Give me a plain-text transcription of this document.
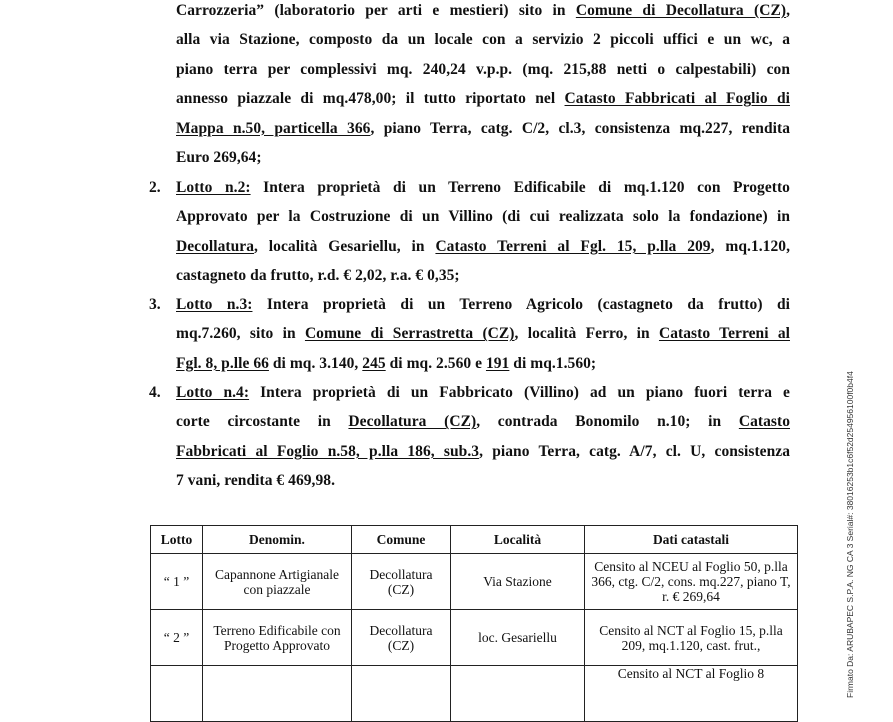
Carrozzeria” (laboratorio per arti e mestieri) sito in Comune di Decollatura (CZ),
alla via Stazione, composto da un locale con a servizio 2 piccoli uffici e un wc, a
piano terra per complessivi mq. 240,24 v.p.p. (mq. 215,88 netti o calpestabili) con
annesso piazzale di mq.478,00; il tutto riportato nel Catasto Fabbricati al Foglio di
Mappa n.50, particella 366, piano Terra, catg. C/2, cl.3, consistenza mq.227, rendita
Euro 269,64;
2. Lotto n.2: Intera proprietà di un Terreno Edificabile di mq.1.120 con Progetto
Approvato per la Costruzione di un Villino (di cui realizzata solo la fondazione) in
Decollatura, località Gesariellu, in Catasto Terreni al Fgl. 15, p.lla 209, mq.1.120,
castagneto da frutto, r.d. € 2,02, r.a. € 0,35;
3. Lotto n.3: Intera proprietà di un Terreno Agricolo (castagneto da frutto) di
mq.7.260, sito in Comune di Serrastretta (CZ), località Ferro, in Catasto Terreni al
Fgl. 8, p.lle 66 di mq. 3.140, 245 di mq. 2.560 e 191 di mq.1.560;
4. Lotto n.4: Intera proprietà di un Fabbricato (Villino) ad un piano fuori terra e
corte circostante in Decollatura (CZ), contrada Bonomilo n.10; in Catasto
Fabbricati al Foglio n.58, p.lla 186, sub.3, piano Terra, catg. A/7, cl. U, consistenza
7 vani, rendita € 469,98.
Lotto	Denomin.	Comune	Località	Dati catastali
“ 1 ”	Capannone Artigianale con piazzale	Decollatura (CZ)	Via Stazione	Censito al NCEU al Foglio 50, p.lla 366, ctg. C/2, cons. mq.227, piano T, r. € 269,64
“ 2 ”	Terreno Edificabile con Progetto Approvato	Decollatura (CZ)	loc. Gesariellu	Censito al NCT al Foglio 15, p.lla 209, mq.1.120, cast. frut.,
				Censito al NCT al Foglio 8	Firmato Da: ARUBAPEC S.P.A. NG CA 3 Serial#: 38016253b1c6f52d254956100f0b4f4
